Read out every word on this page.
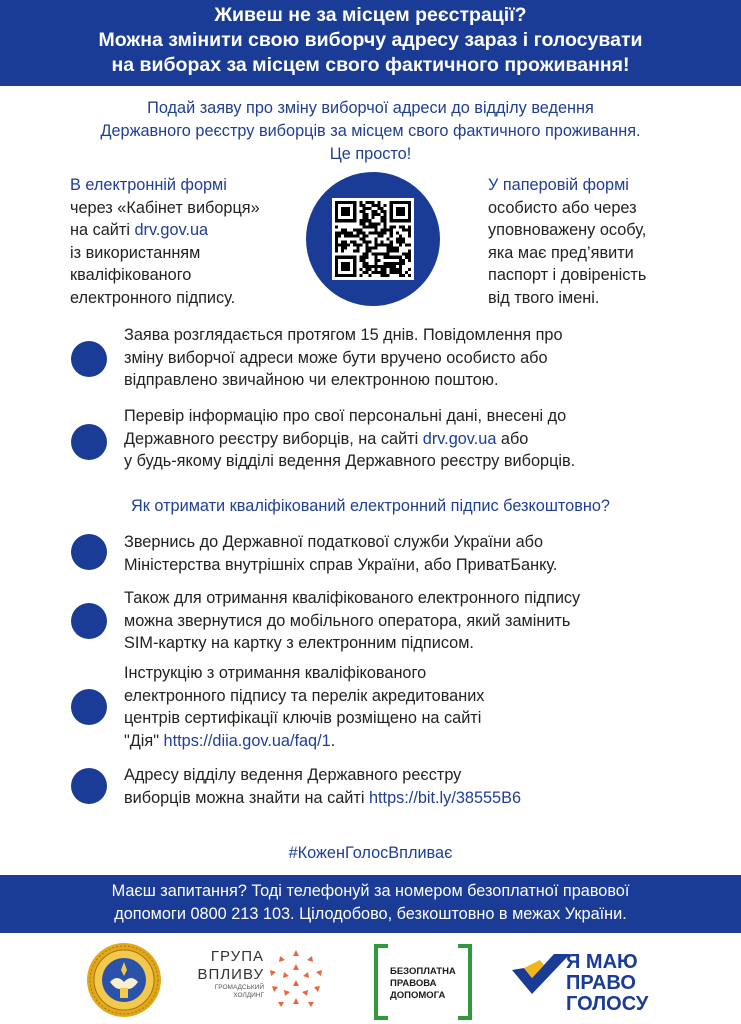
Живеш не за місцем реєстрації?
Можна змінити свою виборчу адресу зараз і голосувати
на виборах за місцем свого фактичного проживання!
Подай заяву про зміну виборчої адреси до відділу ведення
Державного реєстру виборців за місцем свого фактичного проживання.
Це просто!
В електронній формі
через «Кабінет виборця»
на сайті drv.gov.ua
із використанням
кваліфікованого
електронного підпису.
У паперовій формі
особисто або через
уповноважену особу,
яка має пред’явити
паспорт і довіреність
від твого імені.
Заява розглядається протягом 15 днів. Повідомлення про
зміну виборчої адреси може бути вручено особисто або
відправлено звичайною чи електронною поштою.
Перевір інформацію про свої персональні дані, внесені до
Державного реєстру виборців, на сайті drv.gov.ua або
у будь-якому відділі ведення Державного реєстру виборців.
Як отримати кваліфікований електронний підпис безкоштовно?
Звернись до Державної податкової служби України або
Міністерства внутрішніх справ України, або ПриватБанку.
Також для отримання кваліфікованого електронного підпису
можна звернутися до мобільного оператора, який замінить
SIM-картку на картку з електронним підписом.
Інструкцію з отримання кваліфікованого
електронного підпису та перелік акредитованих
центрів сертифікації ключів розміщено на сайті
"Дія" https://diia.gov.ua/faq/1.
Адресу відділу ведення Державного реєстру
виборців можна знайти на сайті https://bit.ly/38555B6
#КоженГолосВпливає
Маєш запитання? Тоді телефонуй за номером безоплатної правової
допомоги 0800 213 103. Цілодобово, безкоштовно в межах України.
ГРУПА
ВПЛИВУ
ГРОМАДСЬКИЙ ХОЛДИНГ
БЕЗОПЛАТНА
ПРАВОВА
ДОПОМОГА
Я МАЮ
ПРАВО
ГОЛОСУ
